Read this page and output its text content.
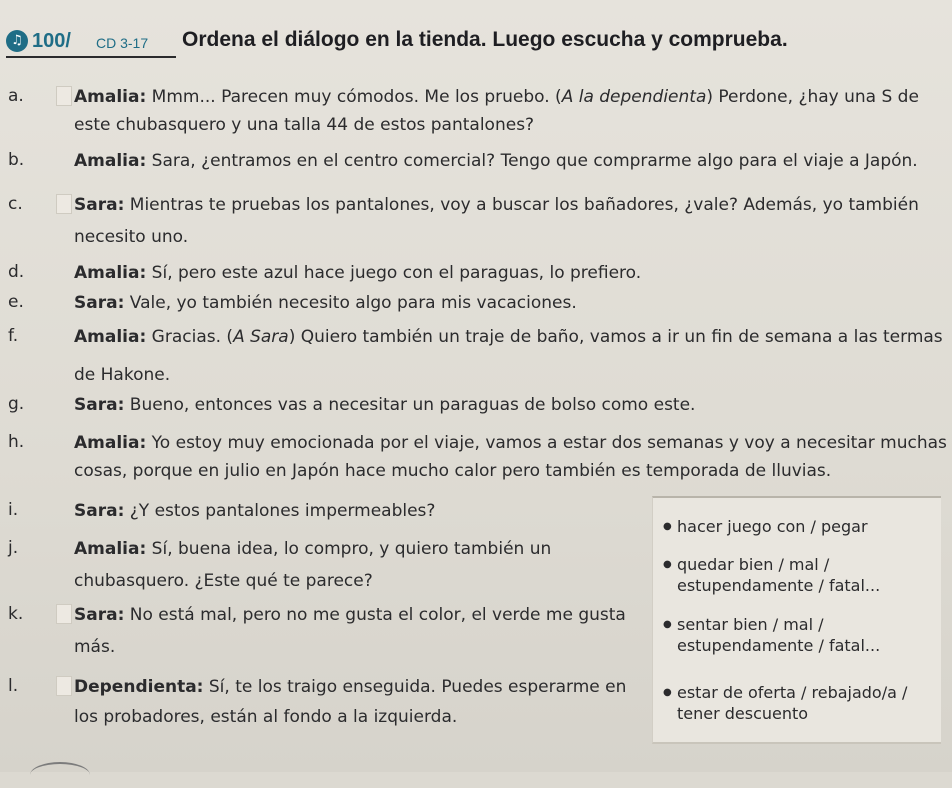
♫ 100/ CD 3-17 Ordena el diálogo en la tienda. Luego escucha y comprueba.
a.	Amalia: Mmm... Parecen muy cómodos. Me los pruebo. (A la dependienta) Perdone, ¿hay una S de
este chubasquero y una talla 44 de estos pantalones?
b.	Amalia: Sara, ¿entramos en el centro comercial? Tengo que comprarme algo para el viaje a Japón.
c.	Sara: Mientras te pruebas los pantalones, voy a buscar los bañadores, ¿vale? Además, yo también
necesito uno.
d.	Amalia: Sí, pero este azul hace juego con el paraguas, lo prefiero.
e.	Sara: Vale, yo también necesito algo para mis vacaciones.
f.	Amalia: Gracias. (A Sara) Quiero también un traje de baño, vamos a ir un fin de semana a las termas
de Hakone.
g.	Sara: Bueno, entonces vas a necesitar un paraguas de bolso como este.
h.	Amalia: Yo estoy muy emocionada por el viaje, vamos a estar dos semanas y voy a necesitar muchas
cosas, porque en julio en Japón hace mucho calor pero también es temporada de lluvias.
i.	Sara: ¿Y estos pantalones impermeables?
j.	Amalia: Sí, buena idea, lo compro, y quiero también un
chubasquero. ¿Este qué te parece?
k.	Sara: No está mal, pero no me gusta el color, el verde me gusta
más.
l.	Dependienta: Sí, te los traigo enseguida. Puedes esperarme en
los probadores, están al fondo a la izquierda.
● hacer juego con / pegar
● quedar bien / mal /
estupendamente / fatal...
● sentar bien / mal /
estupendamente / fatal...
● estar de oferta / rebajado/a /
tener descuento
